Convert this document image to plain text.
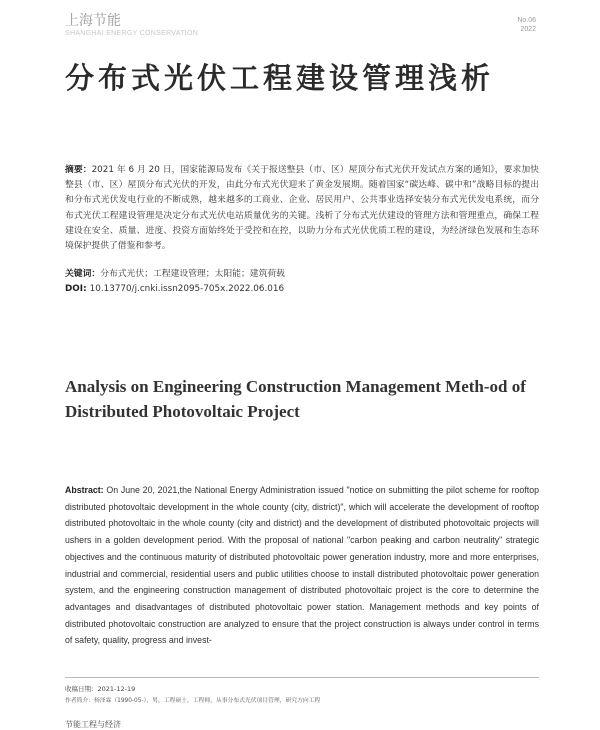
上海节能
SHANGHAI ENERGY CONSERVATION
No.06
2022
分布式光伏工程建设管理浅析
摘要：2021 年 6 月 20 日，国家能源局发布《关于报送整县（市、区）屋顶分布式光伏开发试点方案的通知》，要求加快整县（市、区）屋顶分布式光伏的开发，由此分布式光伏迎来了黄金发展期。随着国家“碳达峰、碳中和”战略目标的提出和分布式光伏发电行业的不断成熟，越来越多的工商业、企业、居民用户、公共事业选择安装分布式光伏发电系统，而分布式光伏工程建设管理是决定分布式光伏电站质量优劣的关键。浅析了分布式光伏建设的管理方法和管理重点，确保工程建设在安全、质量、进度、投资方面始终处于受控和在控，以助力分布式光伏优质工程的建设，为经济绿色发展和生态环境保护提供了借鉴和参考。
关键词：分布式光伏；工程建设管理；太阳能；建筑荷载
DOI: 10.13770/j.cnki.issn2095-705x.2022.06.016
Analysis on Engineering Construction Management Meth-od of Distributed Photovoltaic Project
Abstract: On June 20, 2021,the National Energy Administration issued "notice on submitting the pilot scheme for rooftop distributed photovoltaic development in the whole county (city, district)", which will accelerate the development of rooftop distributed photovoltaic in the whole county (city and district) and the development of distributed photovoltaic projects will ushers in a golden development period. With the proposal of national "carbon peaking and carbon neutrality" strategic objectives and the continuous maturity of distributed photovoltaic power generation industry, more and more enterprises, industrial and commercial, residential users and public utilities choose to install distributed photovoltaic power generation system, and the engineering construction management of distributed photovoltaic project is the core to determine the advantages and disadvantages of distributed photovoltaic power station. Management methods and key points of distributed photovoltaic construction are analyzed to ensure that the project construction is always under control in terms of safety, quality, progress and invest-
收稿日期：2021-12-19
作者简介：杨泽霖（1990-05-），男，工程硕士，工程师，从事分布式光伏项目管理，研究方向工程
节能工程与经济
